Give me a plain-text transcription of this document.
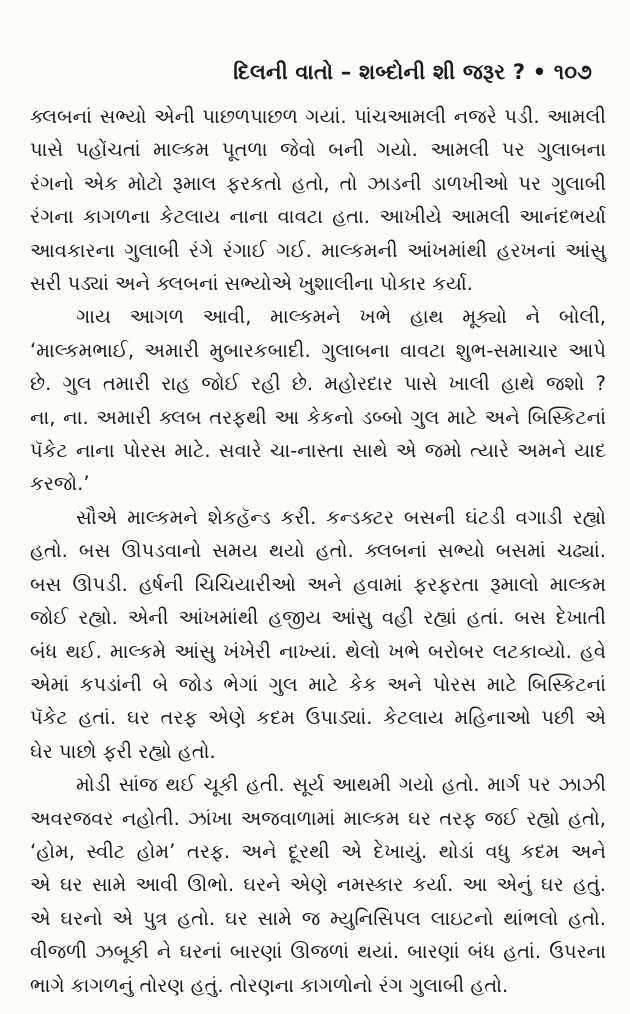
દિલની વાતો – શબ્દોની શી જરૂર ? • ૧૦૭

ક્લબનાં સભ્યો એની પાછળપાછળ ગયાં. પાંચઆમલી નજરે પડી. આમલી
પાસે પહોંચતાં માલ્કમ પૂતળા જેવો બની ગયો. આમલી પર ગુલાબના
રંગનો એક મોટો રૂમાલ ફરકતો હતો, તો ઝાડની ડાળખીઓ પર ગુલાબી
રંગના કાગળના કેટલાય નાના વાવટા હતા. આખીયે આમલી આનંદભર્યા
આવકારના ગુલાબી રંગે રંગાઈ ગઈ. માલ્કમની આંખમાંથી હરખનાં આંસુ
સરી પડ્યાં અને ક્લબનાં સભ્યોએ ખુશાલીના પોકાર કર્યા.

ગાય આગળ આવી, માલ્કમને ખભે હાથ મૂક્યો ને બોલી,
‘માલ્કમભાઈ, અમારી મુબારકબાદી. ગુલાબના વાવટા શુભ-સમાચાર આપે
છે. ગુલ તમારી રાહ જોઈ રહી છે. મહોરદાર પાસે ખાલી હાથે જશો ?
ના, ના. અમારી ક્લબ તરફથી આ કેકનો ડબ્બો ગુલ માટે અને બિસ્કિટનાં
પૅકેટ નાના પોરસ માટે. સવારે ચા-નાસ્તા સાથે એ જમો ત્યારે અમને યાદ
કરજો.’

સૌએ માલ્કમને શેકહૅન્ડ કરી. કન્ડક્ટર બસની ઘંટડી વગાડી રહ્યો
હતો. બસ ઊપડવાનો સમય થયો હતો. ક્લબનાં સભ્યો બસમાં ચઢ્યાં.
બસ ઊપડી. હર્ષની ચિચિયારીઓ અને હવામાં ફરફરતા રૂમાલો માલ્કમ
જોઈ રહ્યો. એની આંખમાંથી હજીય આંસુ વહી રહ્યાં હતાં. બસ દેખાતી
બંધ થઈ. માલ્કમે આંસુ ખંખેરી નાખ્યાં. થેલો ખભે બરોબર લટકાવ્યો. હવે
એમાં કપડાંની બે જોડ ભેગાં ગુલ માટે કેક અને પોરસ માટે બિસ્કિટનાં
પૅકેટ હતાં. ઘર તરફ એણે કદમ ઉપાડ્યાં. કેટલાય મહિનાઓ પછી એ
ઘેર પાછો ફરી રહ્યો હતો.

મોડી સાંજ થઈ ચૂકી હતી. સૂર્ય આથમી ગયો હતો. માર્ગ પર ઝાઝી
અવરજવર નહોતી. ઝાંખા અજવાળામાં માલ્કમ ઘર તરફ જઈ રહ્યો હતો,
‘હોમ, સ્વીટ હોમ’ તરફ. અને દૂરથી એ દેખાયું. થોડાં વધુ કદમ અને
એ ઘર સામે આવી ઊભો. ઘરને એણે નમસ્કાર કર્યા. આ એનું ઘર હતું.
એ ઘરનો એ પુત્ર હતો. ઘર સામે જ મ્યુનિસિપલ લાઇટનો થાંભલો હતો.
વીજળી ઝબૂકી ને ઘરનાં બારણાં ઊજળાં થયાં. બારણાં બંધ હતાં. ઉપરના
ભાગે કાગળનું તોરણ હતું. તોરણના કાગળોનો રંગ ગુલાબી હતો.
